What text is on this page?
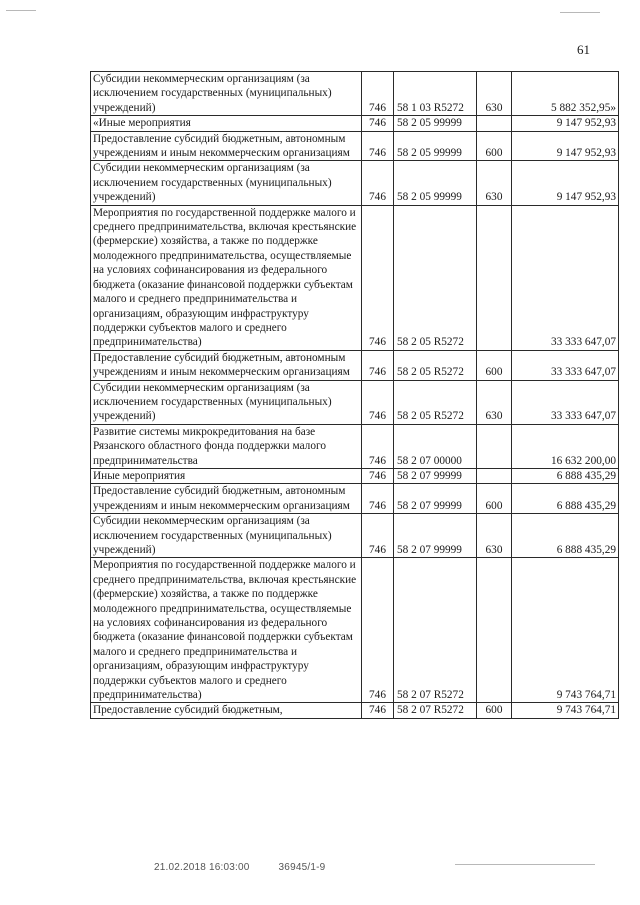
61
Субсидии некоммерческим организациям (за исключением государственных (муниципальных) учреждений)	746	58 1 03 R5272	630	5 882 352,95»
«Иные мероприятия	746	58 2 05 99999		9 147 952,93
Предоставление субсидий бюджетным, автономным учреждениям и иным некоммерческим организациям	746	58 2 05 99999	600	9 147 952,93
Субсидии некоммерческим организациям (за исключением государственных (муниципальных) учреждений)	746	58 2 05 99999	630	9 147 952,93
Мероприятия по государственной поддержке малого и среднего предпринимательства, включая крестьянские (фермерские) хозяйства, а также по поддержке молодежного предпринимательства, осуществляемые на условиях софинансирования из федерального бюджета (оказание финансовой поддержки субъектам малого и среднего предпринимательства и организациям, образующим инфраструктуру поддержки субъектов малого и среднего предпринимательства)	746	58 2 05 R5272		33 333 647,07
Предоставление субсидий бюджетным, автономным учреждениям и иным некоммерческим организациям	746	58 2 05 R5272	600	33 333 647,07
Субсидии некоммерческим организациям (за исключением государственных (муниципальных) учреждений)	746	58 2 05 R5272	630	33 333 647,07
Развитие системы микрокредитования на базе Рязанского областного фонда поддержки малого предпринимательства	746	58 2 07 00000		16 632 200,00
Иные мероприятия	746	58 2 07 99999		6 888 435,29
Предоставление субсидий бюджетным, автономным учреждениям и иным некоммерческим организациям	746	58 2 07 99999	600	6 888 435,29
Субсидии некоммерческим организациям (за исключением государственных (муниципальных) учреждений)	746	58 2 07 99999	630	6 888 435,29
Мероприятия по государственной поддержке малого и среднего предпринимательства, включая крестьянские (фермерские) хозяйства, а также по поддержке молодежного предпринимательства, осуществляемые на условиях софинансирования из федерального бюджета (оказание финансовой поддержки субъектам малого и среднего предпринимательства и организациям, образующим инфраструктуру поддержки субъектов малого и среднего предпринимательства)	746	58 2 07 R5272		9 743 764,71
Предоставление субсидий бюджетным,	746	58 2 07 R5272	600	9 743 764,71
21.02.2018 16:03:00	36945/1-9
